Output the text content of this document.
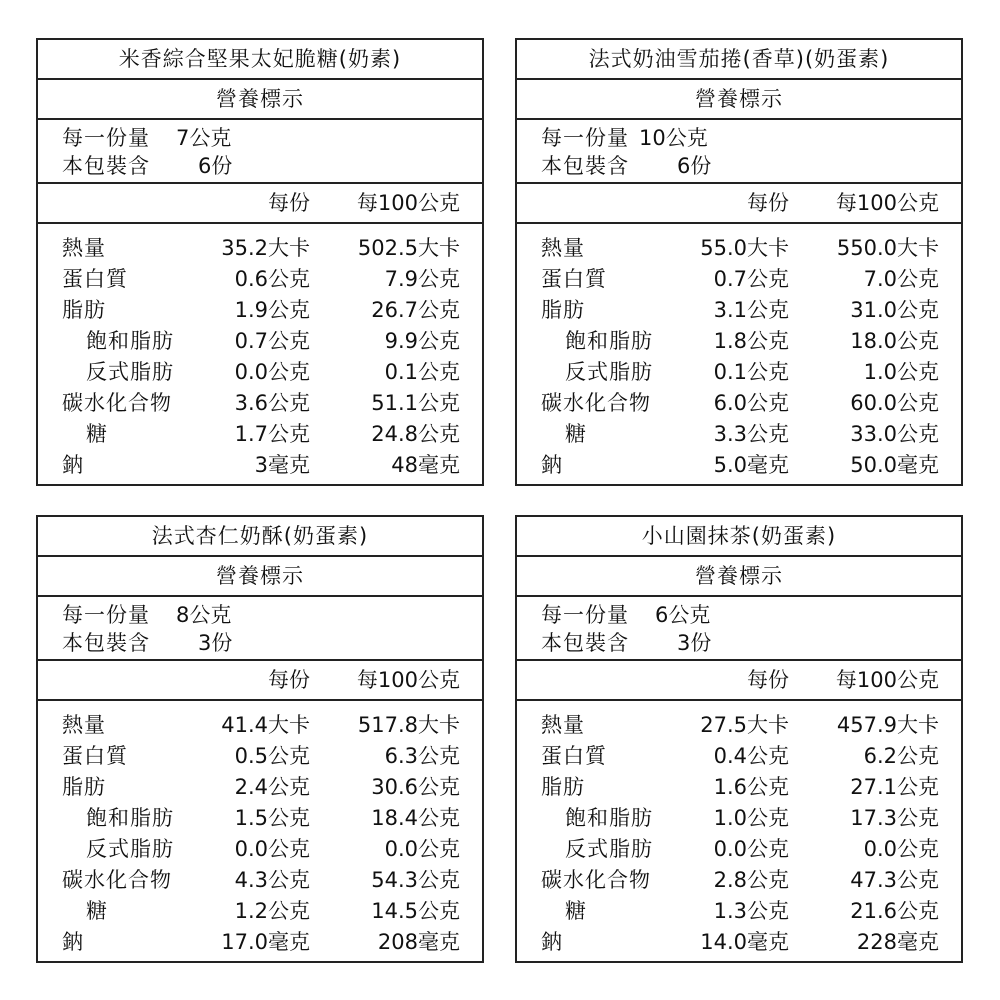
米香綜合堅果太妃脆糖(奶素)
營養標示
每一份量	7公克
本包裝含	6份
每份 每100公克
熱量	35.2大卡 502.5大卡
蛋白質	0.6公克	7.9公克
脂肪	1.9公克	26.7公克
飽和脂肪	0.7公克	9.9公克
反式脂肪	0.0公克	0.1公克
碳水化合物	3.6公克	51.1公克
糖	1.7公克	24.8公克
鈉	3毫克	48毫克
法式奶油雪茄捲(香草)(奶蛋素)
營養標示
每一份量 10公克
本包裝含	6份
每份 每100公克
熱量	55.0大卡 550.0大卡
蛋白質	0.7公克	7.0公克
脂肪	3.1公克	31.0公克
飽和脂肪	1.8公克	18.0公克
反式脂肪	0.1公克	1.0公克
碳水化合物	6.0公克	60.0公克
糖	3.3公克	33.0公克
鈉	5.0毫克	50.0毫克
法式杏仁奶酥(奶蛋素)
營養標示
每一份量	8公克
本包裝含	3份
每份 每100公克
熱量	41.4大卡 517.8大卡
蛋白質	0.5公克	6.3公克
脂肪	2.4公克	30.6公克
飽和脂肪	1.5公克	18.4公克
反式脂肪	0.0公克	0.0公克
碳水化合物	4.3公克	54.3公克
糖	1.2公克	14.5公克
鈉	17.0毫克	208毫克
小山園抹茶(奶蛋素)
營養標示
每一份量	6公克
本包裝含	3份
每份 每100公克
熱量	27.5大卡 457.9大卡
蛋白質	0.4公克	6.2公克
脂肪	1.6公克	27.1公克
飽和脂肪	1.0公克	17.3公克
反式脂肪	0.0公克	0.0公克
碳水化合物	2.8公克	47.3公克
糖	1.3公克	21.6公克
鈉	14.0毫克	228毫克
